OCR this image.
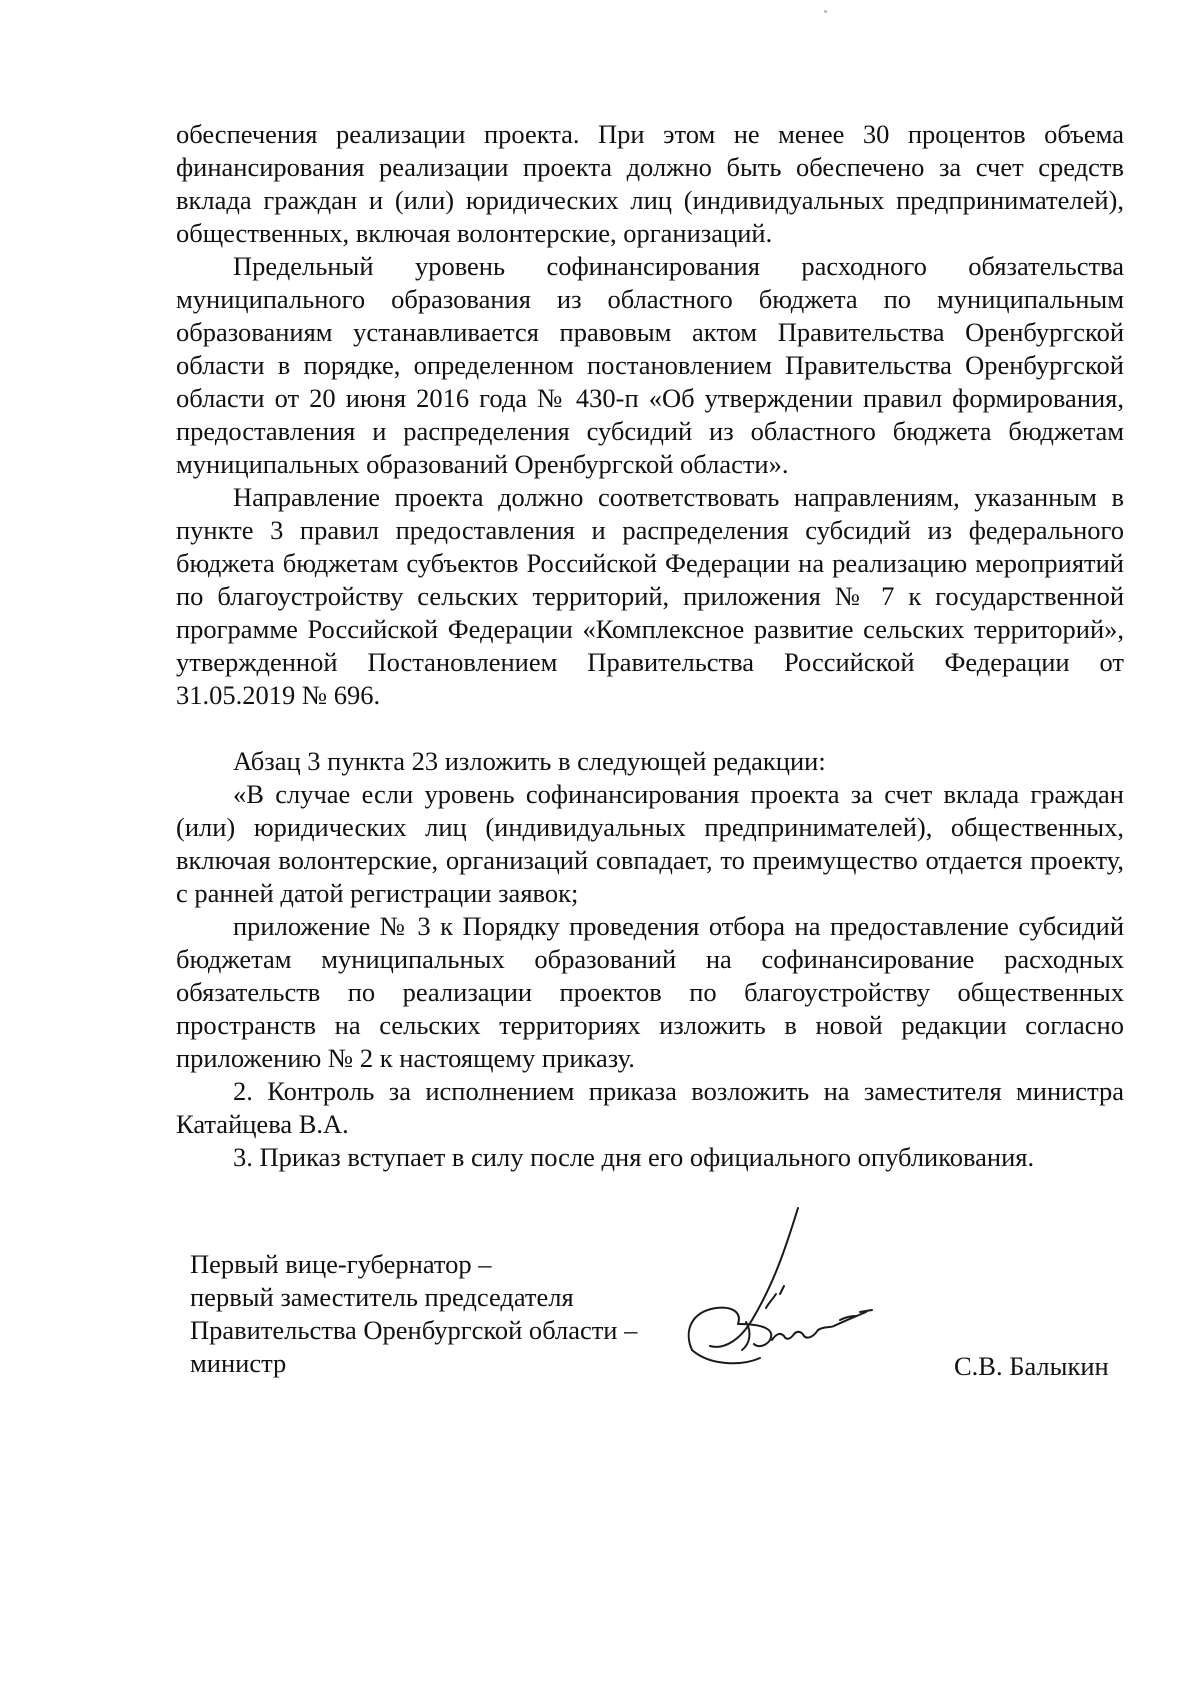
обеспечения реализации проекта. При этом не менее 30 процентов объема финансирования реализации проекта должно быть обеспечено за счет средств вклада граждан и (или) юридических лиц (индивидуальных предпринимателей), общественных, включая волонтерские, организаций.

Предельный уровень софинансирования расходного обязательства муниципального образования из областного бюджета по муниципальным образованиям устанавливается правовым актом Правительства Оренбургской области в порядке, определенном постановлением Правительства Оренбургской области от 20 июня 2016 года № 430-п «Об утверждении правил формирования, предоставления и распределения субсидий из областного бюджета бюджетам муниципальных образований Оренбургской области».

Направление проекта должно соответствовать направлениям, указанным в пункте 3 правил предоставления и распределения субсидий из федерального бюджета бюджетам субъектов Российской Федерации на реализацию мероприятий по благоустройству сельских территорий, приложения № 7 к государственной программе Российской Федерации «Комплексное развитие сельских территорий», утвержденной Постановлением Правительства Российской Федерации от 31.05.2019 № 696.

Абзац 3 пункта 23 изложить в следующей редакции:

«В случае если уровень софинансирования проекта за счет вклада граждан (или) юридических лиц (индивидуальных предпринимателей), общественных, включая волонтерские, организаций совпадает, то преимущество отдается проекту, с ранней датой регистрации заявок;

приложение № 3 к Порядку проведения отбора на предоставление субсидий бюджетам муниципальных образований на софинансирование расходных обязательств по реализации проектов по благоустройству общественных пространств на сельских территориях изложить в новой редакции согласно приложению № 2 к настоящему приказу.

2. Контроль за исполнением приказа возложить на заместителя министра Катайцева В.А.

3. Приказ вступает в силу после дня его официального опубликования.

Первый вице-губернатор –
первый заместитель председателя
Правительства Оренбургской области –
министр	С.В. Балыкин
